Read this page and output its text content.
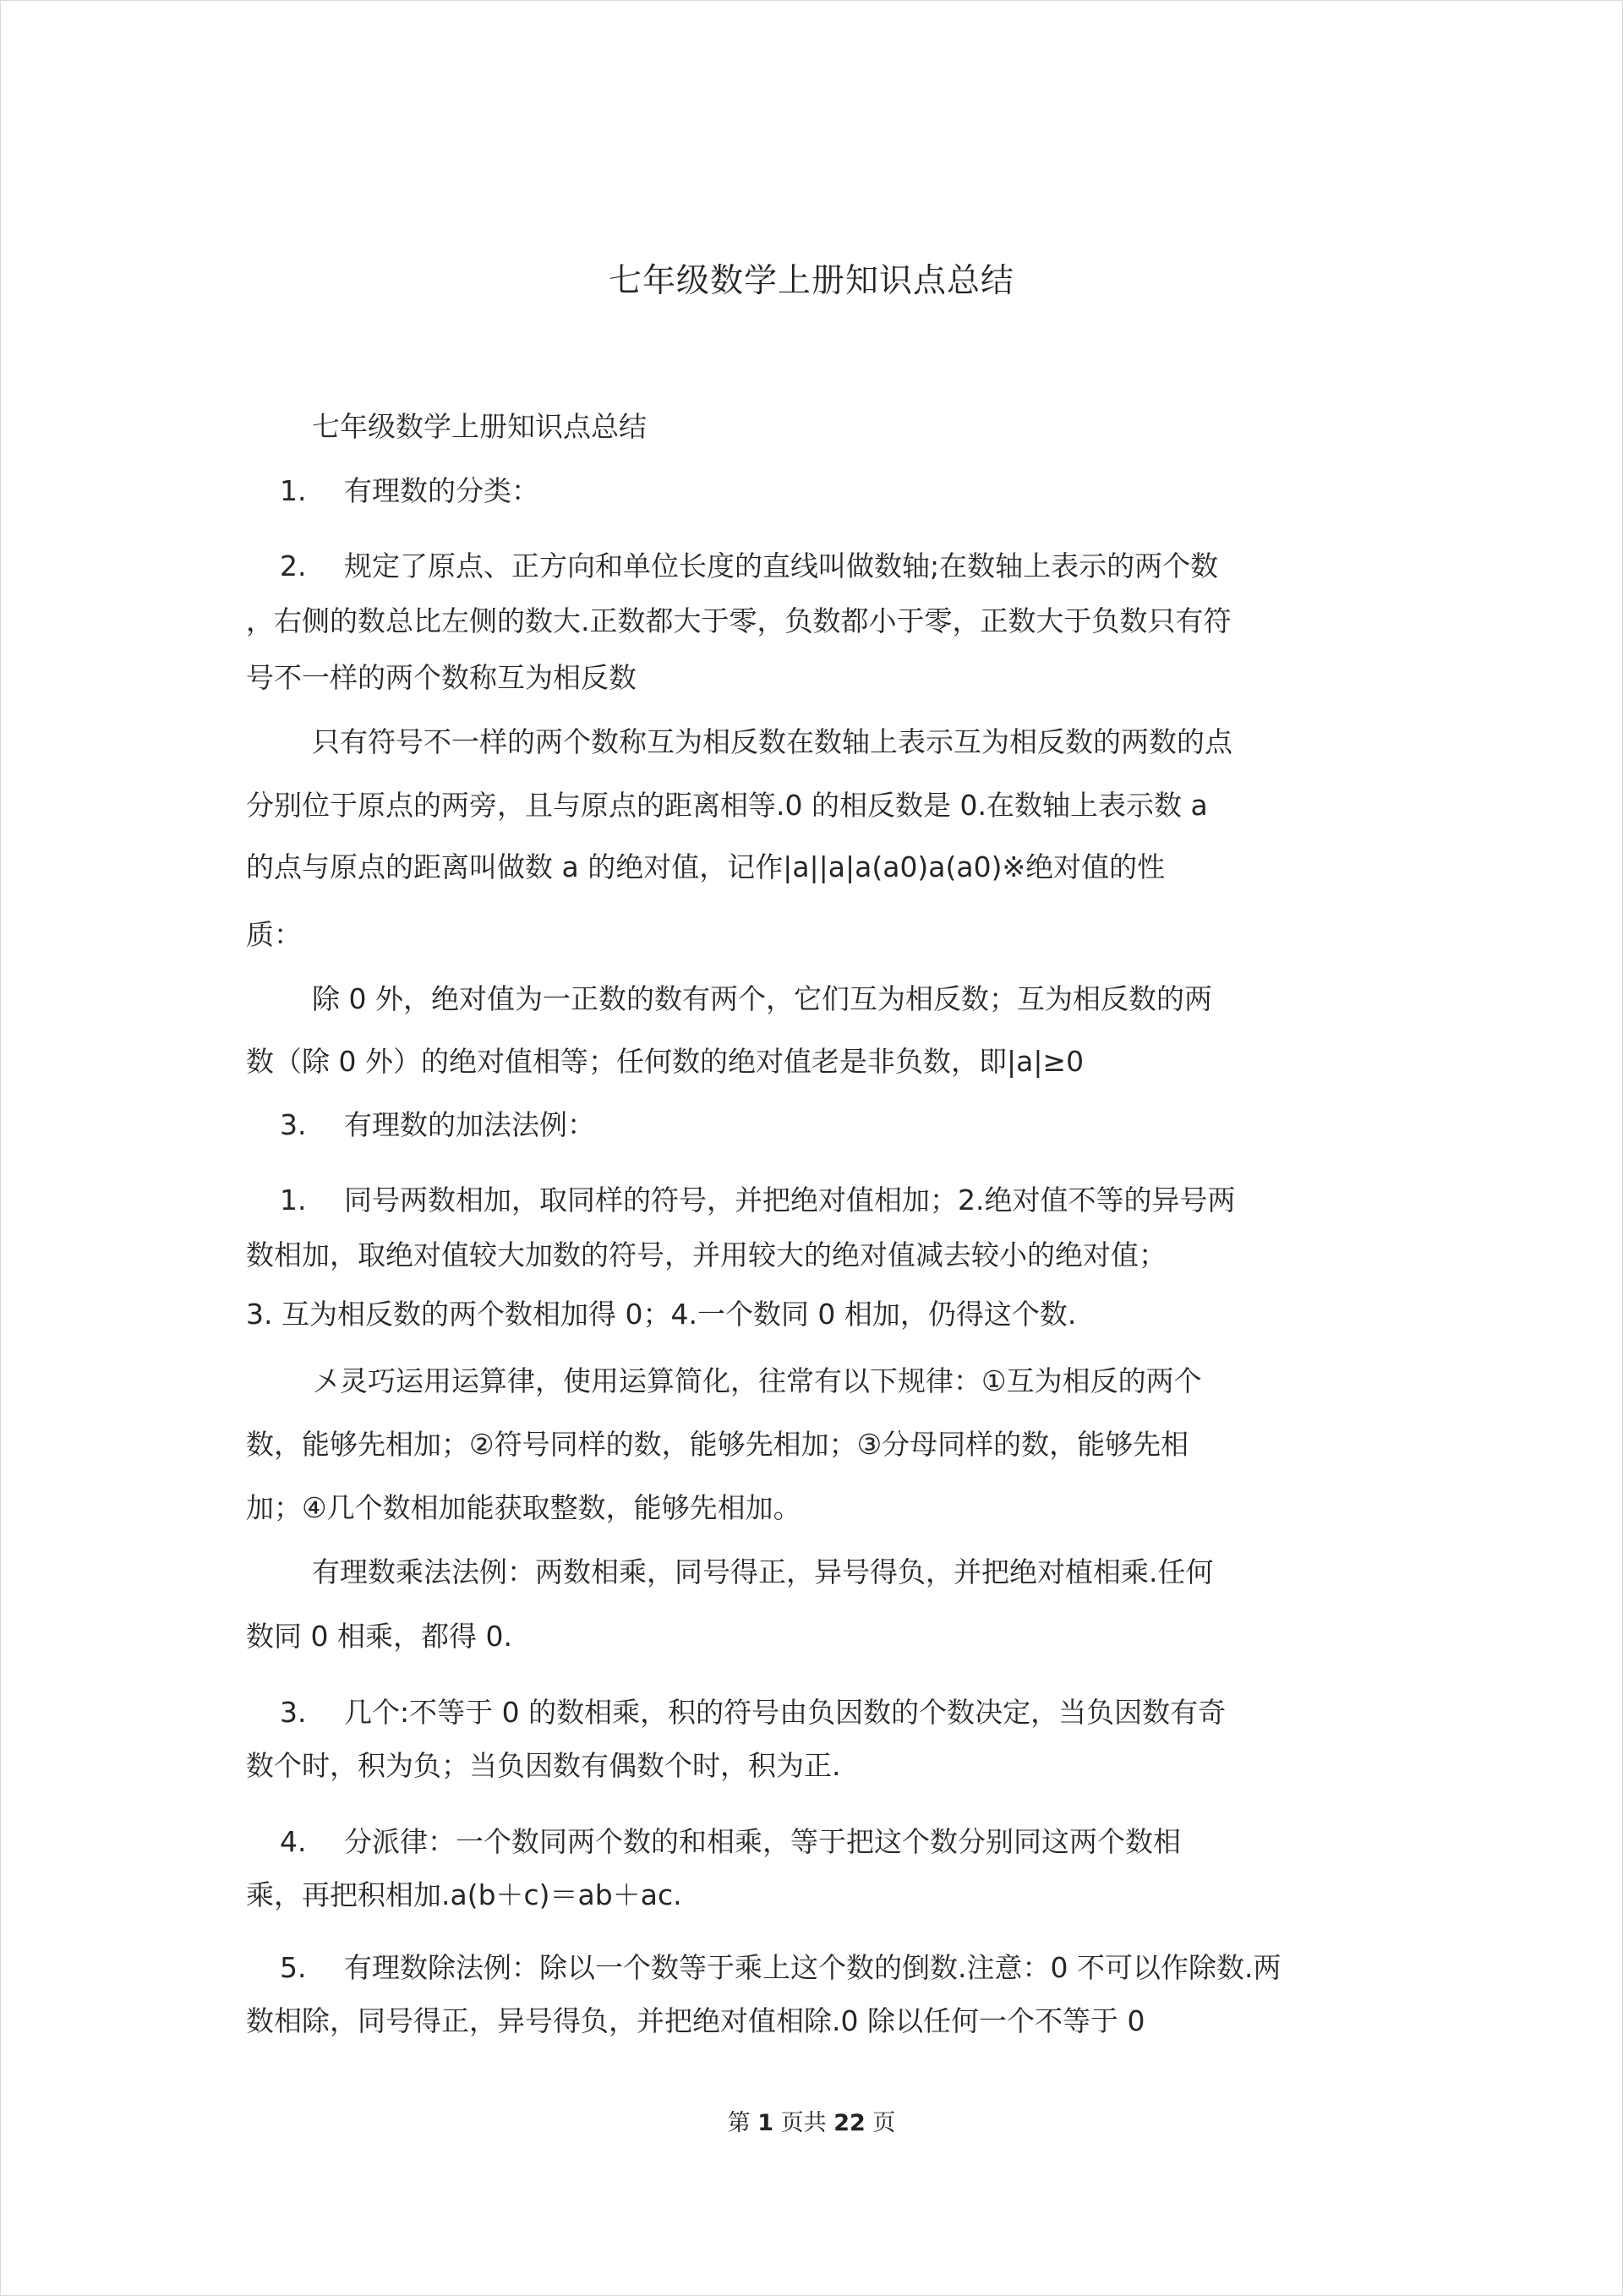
七年级数学上册知识点总结
七年级数学上册知识点总结
1. 有理数的分类：
2. 规定了原点、正方向和单位长度的直线叫做数轴;在数轴上表示的两个数
，右侧的数总比左侧的数大.正数都大于零，负数都小于零，正数大于负数只有符
号不一样的两个数称互为相反数
只有符号不一样的两个数称互为相反数在数轴上表示互为相反数的两数的点
分别位于原点的两旁，且与原点的距离相等.0 的相反数是 0.在数轴上表示数 a
的点与原点的距离叫做数 a 的绝对值，记作|a||a|a(a0)a(a0)※绝对值的性
质：
除 0 外，绝对值为一正数的数有两个，它们互为相反数；互为相反数的两
数（除 0 外）的绝对值相等；任何数的绝对值老是非负数，即|a|≥0
3. 有理数的加法法例：
1. 同号两数相加，取同样的符号，并把绝对值相加；2.绝对值不等的异号两
数相加，取绝对值较大加数的符号，并用较大的绝对值减去较小的绝对值；
3. 互为相反数的两个数相加得 0；4.一个数同 0 相加，仍得这个数.
〤灵巧运用运算律，使用运算简化，往常有以下规律：①互为相反的两个
数，能够先相加；②符号同样的数，能够先相加；③分母同样的数，能够先相
加；④几个数相加能获取整数，能够先相加。
有理数乘法法例：两数相乘，同号得正，异号得负，并把绝对植相乘.任何
数同 0 相乘，都得 0.
3. 几个:不等于 0 的数相乘，积的符号由负因数的个数决定，当负因数有奇
数个时，积为负；当负因数有偶数个时，积为正.
4. 分派律：一个数同两个数的和相乘，等于把这个数分别同这两个数相
乘，再把积相加.a(b＋c)＝ab＋ac.
5. 有理数除法例：除以一个数等于乘上这个数的倒数.注意：0 不可以作除数.两
数相除，同号得正，异号得负，并把绝对值相除.0 除以任何一个不等于 0
第 1 页共 22 页
